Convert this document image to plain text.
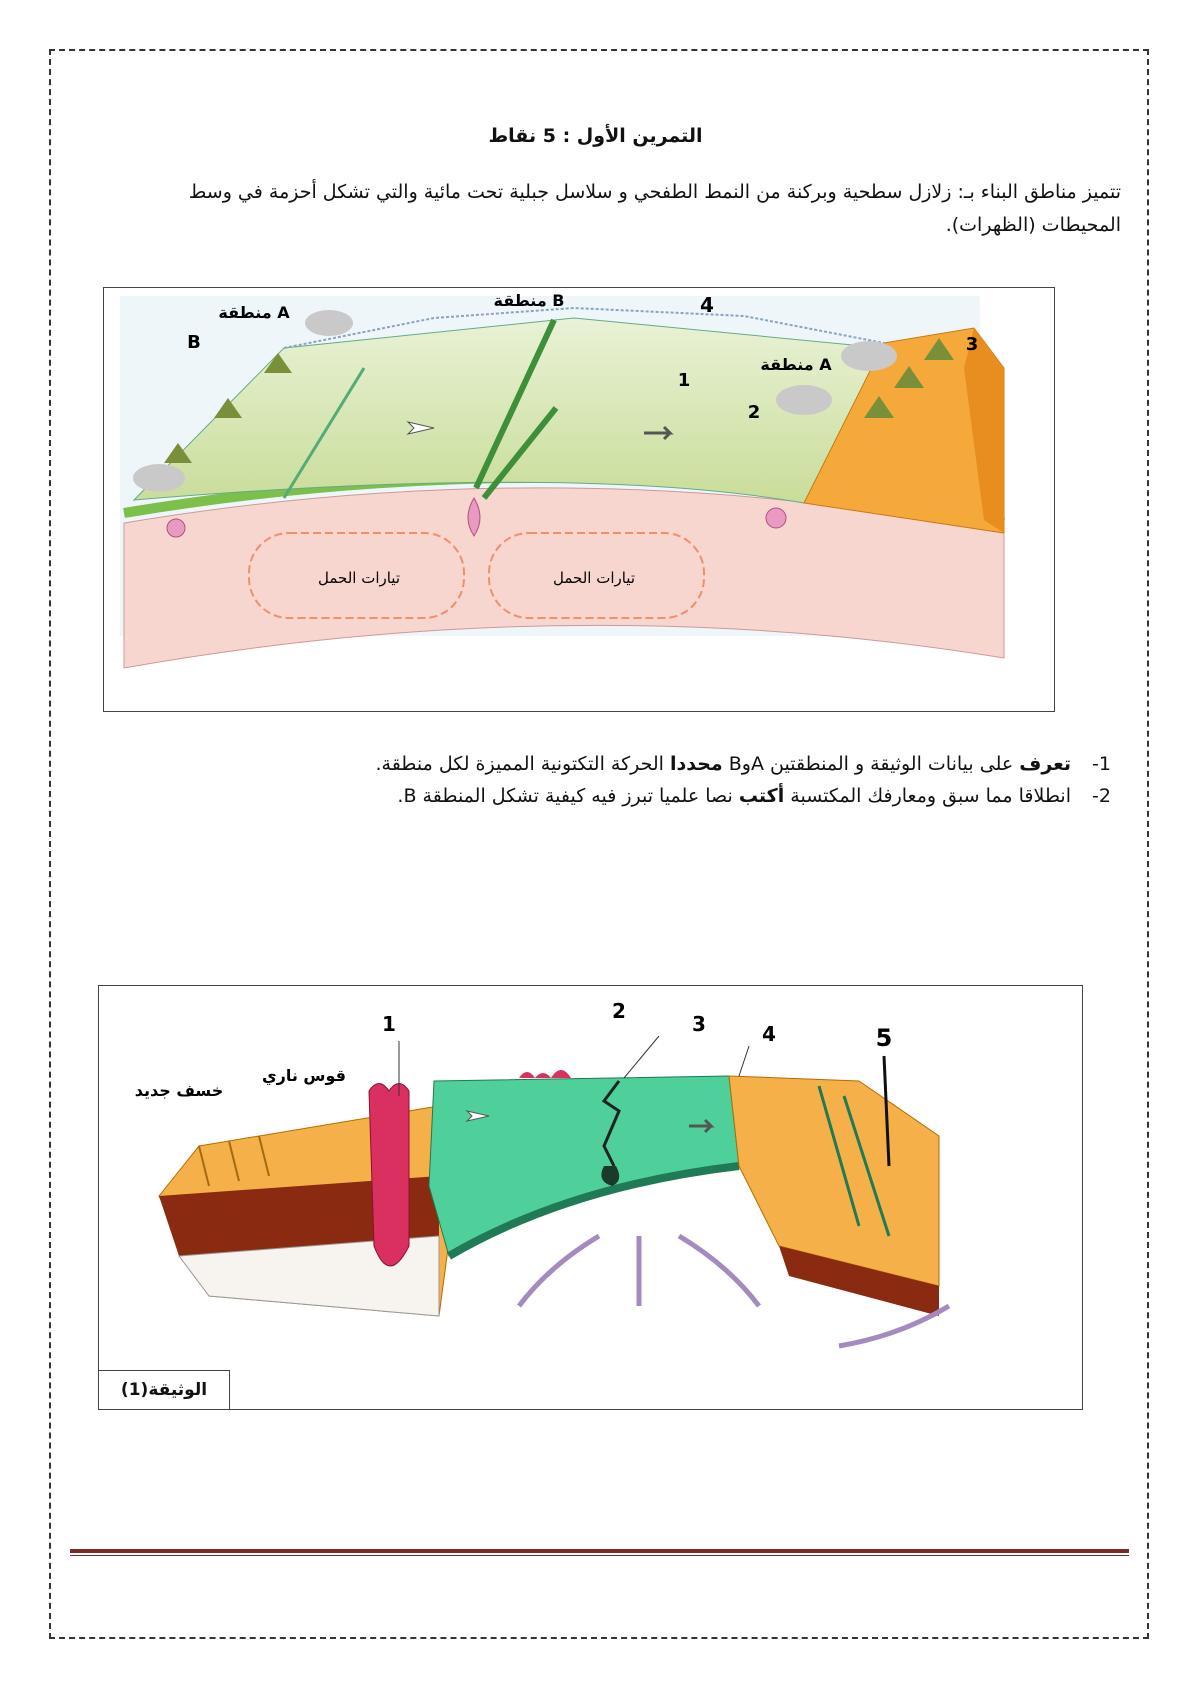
التمرين الأول : 5 نقاط
تتميز مناطق البناء بـ: زلازل سطحية وبركنة من النمط الطفحي و سلاسل جبلية تحت مائية والتي تشكل أحزمة في وسط المحيطات (الظهرات).
منطقة A
B
منطقة B
منطقة A
4
1
2
3
تيارات الحمل	تيارات الحمل
1 -
تعرف على بيانات الوثيقة و المنطقتين AوB محددا الحركة التكتونية المميزة لكل منطقة.
2 -
انطلاقا مما سبق ومعارفك المكتسبة أكتب نصا علميا تبرز فيه كيفية تشكل المنطقة B.
خسف جديد
قوس ناري
1
2
3	4	5
الوثيقة(1)
